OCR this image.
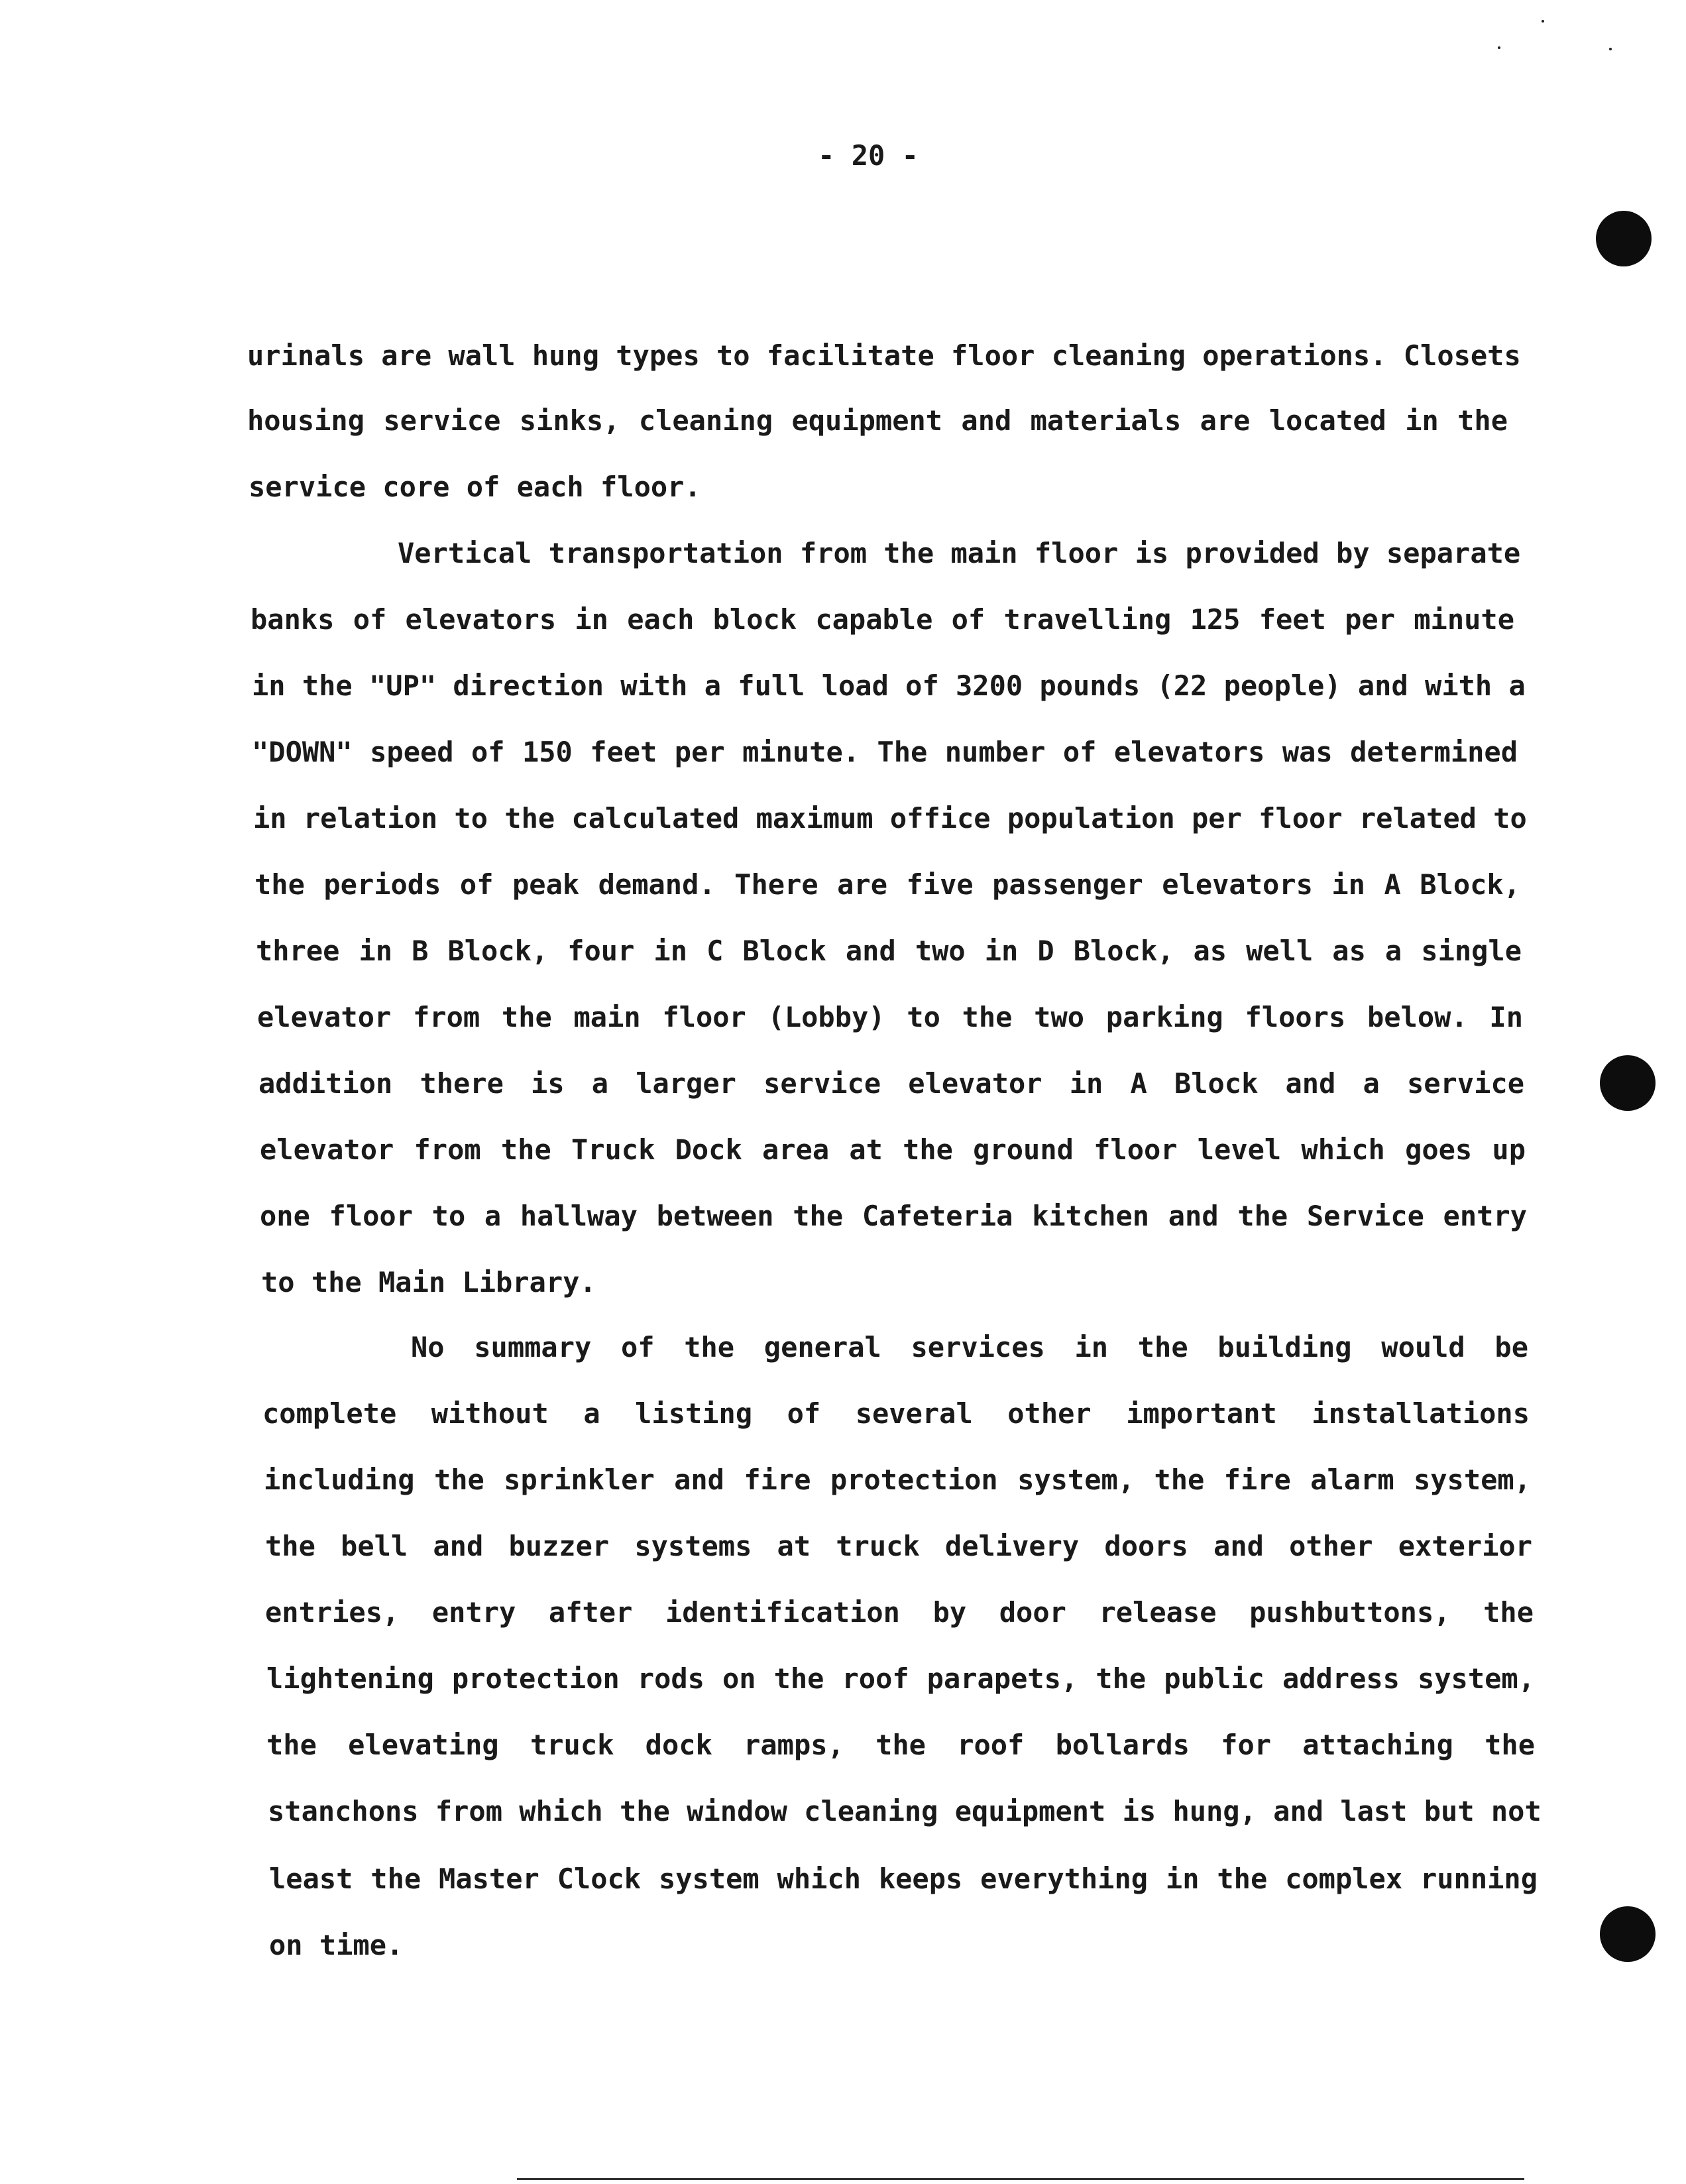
- 20 -
urinals are wall hung types to facilitate floor cleaning operations. Closets
housing service sinks, cleaning equipment and materials are located in the
service core of each floor.
Vertical transportation from the main floor is provided by separate
banks of elevators in each block capable of travelling 125 feet per minute
in the "UP" direction with a full load of 3200 pounds (22 people) and with a
"DOWN" speed of 150 feet per minute. The number of elevators was determined
in relation to the calculated maximum office population per floor related to
the periods of peak demand. There are five passenger elevators in A Block,
three in B Block, four in C Block and two in D Block, as well as a single
elevator from the main floor (Lobby) to the two parking floors below. In
addition there is a larger service elevator in A Block and a service
elevator from the Truck Dock area at the ground floor level which goes up
one floor to a hallway between the Cafeteria kitchen and the Service entry
to the Main Library.
No summary of the general services in the building would be
complete without a listing of several other important installations
including the sprinkler and fire protection system, the fire alarm system,
the bell and buzzer systems at truck delivery doors and other exterior
entries, entry after identification by door release pushbuttons, the
lightening protection rods on the roof parapets, the public address system,
the elevating truck dock ramps, the roof bollards for attaching the
stanchons from which the window cleaning equipment is hung, and last but not
least the Master Clock system which keeps everything in the complex running
on time.
